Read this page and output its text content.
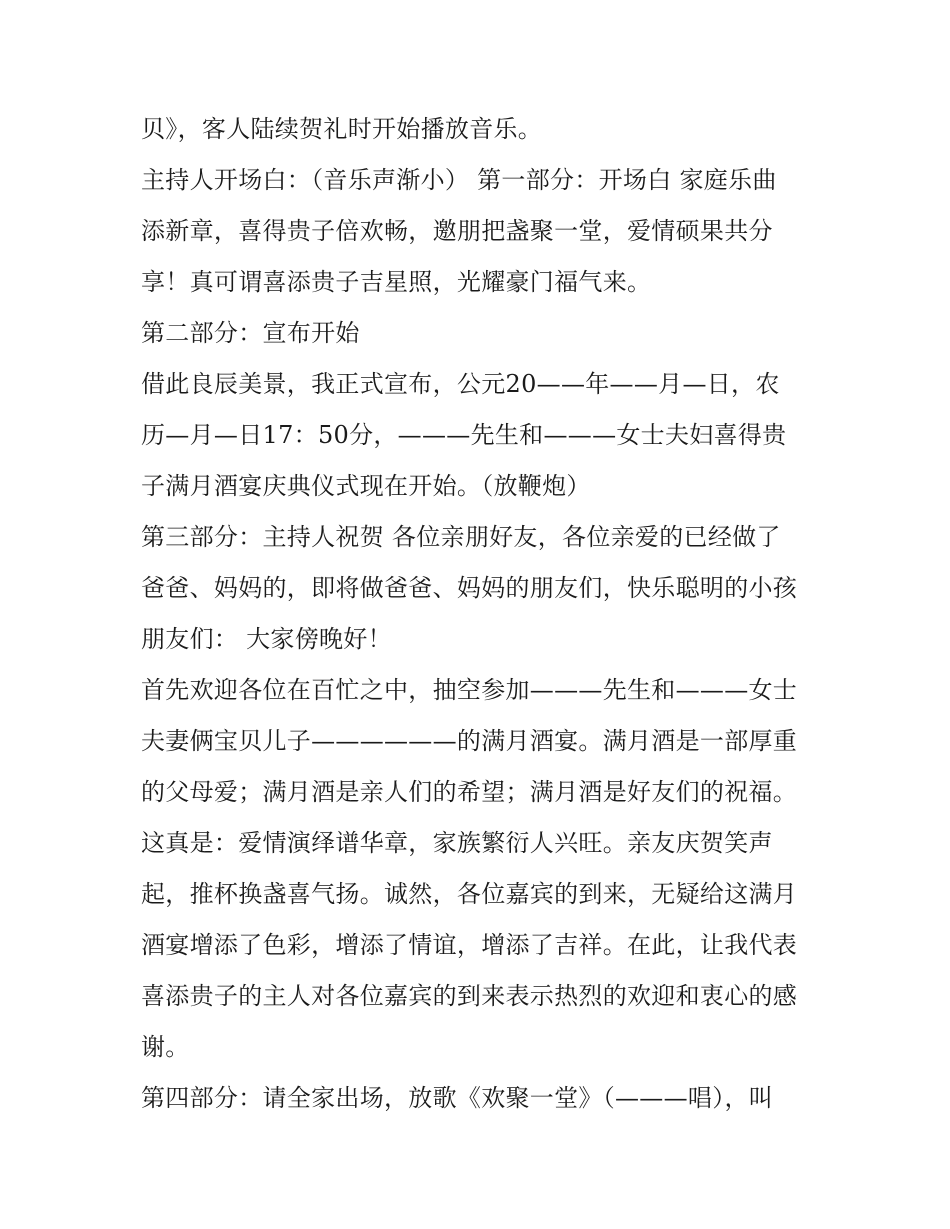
贝》，客人陆续贺礼时开始播放音乐。
主持人开场白：（音乐声渐小） 第一部分：开场白 家庭乐曲
添新章，喜得贵子倍欢畅，邀朋把盏聚一堂，爱情硕果共分
享！真可谓喜添贵子吉星照，光耀豪门福气来。
第二部分：宣布开始
借此良辰美景，我正式宣布，公元20——年——月—日，农
历—月—日17：50分，———先生和———女士夫妇喜得贵
子满月酒宴庆典仪式现在开始。（放鞭炮）
第三部分：主持人祝贺 各位亲朋好友，各位亲爱的已经做了
爸爸、妈妈的，即将做爸爸、妈妈的朋友们，快乐聪明的小孩
朋友们： 大家傍晚好！
首先欢迎各位在百忙之中，抽空参加———先生和———女士
夫妻俩宝贝儿子——————的满月酒宴。满月酒是一部厚重
的父母爱；满月酒是亲人们的希望；满月酒是好友们的祝福。
这真是：爱情演绎谱华章，家族繁衍人兴旺。亲友庆贺笑声
起，推杯换盏喜气扬。诚然，各位嘉宾的到来，无疑给这满月
酒宴增添了色彩，增添了情谊，增添了吉祥。在此，让我代表
喜添贵子的主人对各位嘉宾的到来表示热烈的欢迎和衷心的感
谢。
第四部分：请全家出场，放歌《欢聚一堂》（———唱），叫
